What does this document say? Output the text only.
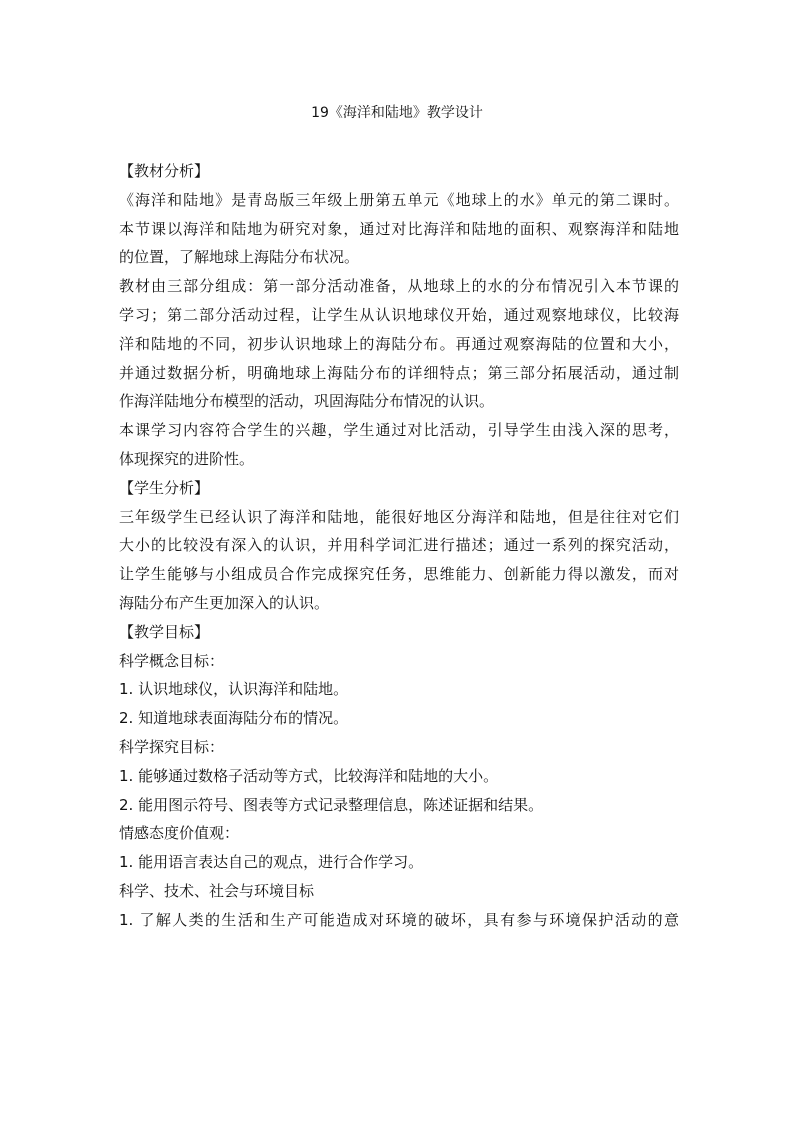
19《海洋和陆地》教学设计
【教材分析】
《海洋和陆地》是青岛版三年级上册第五单元《地球上的水》单元的第二课时。
本节课以海洋和陆地为研究对象，通过对比海洋和陆地的面积、观察海洋和陆地
的位置，了解地球上海陆分布状况。
教材由三部分组成：第一部分活动准备，从地球上的水的分布情况引入本节课的
学习；第二部分活动过程，让学生从认识地球仪开始，通过观察地球仪，比较海
洋和陆地的不同，初步认识地球上的海陆分布。再通过观察海陆的位置和大小，
并通过数据分析，明确地球上海陆分布的详细特点；第三部分拓展活动，通过制
作海洋陆地分布模型的活动，巩固海陆分布情况的认识。
本课学习内容符合学生的兴趣，学生通过对比活动，引导学生由浅入深的思考，
体现探究的进阶性。
【学生分析】
三年级学生已经认识了海洋和陆地，能很好地区分海洋和陆地，但是往往对它们
大小的比较没有深入的认识，并用科学词汇进行描述；通过一系列的探究活动，
让学生能够与小组成员合作完成探究任务，思维能力、创新能力得以激发，而对
海陆分布产生更加深入的认识。
【教学目标】
科学概念目标：
1. 认识地球仪，认识海洋和陆地。
2. 知道地球表面海陆分布的情况。
科学探究目标：
1. 能够通过数格子活动等方式，比较海洋和陆地的大小。
2. 能用图示符号、图表等方式记录整理信息，陈述证据和结果。
情感态度价值观：
1. 能用语言表达自己的观点，进行合作学习。
科学、技术、社会与环境目标
1. 了解人类的生活和生产可能造成对环境的破坏，具有参与环境保护活动的意
